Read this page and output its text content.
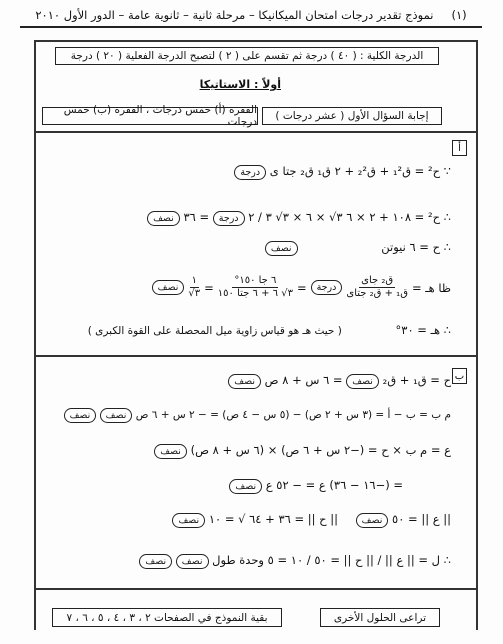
(١)
نموذج تقدير درجات امتحان الميكانيكا – مرحلة ثانية – ثانوية عامة – الدور الأول ٢٠١٠
الدرجة الكلية : ( ٤٠ ) درجة ثم تقسم على ( ٢ ) لتصبح الدرجة الفعلية ( ٢٠ ) درجة
أولاً : الاستاتيكا
إجابة السؤال الأول ( عشر درجات )
الفقرة (أ) خمس درجات ، الفقرة (ب) خمس درجات
أ
∵ ح² = ق₁² + ق₂² + ٢ ق₁ ق₂ جتا ى درجة
∴ ح² = ١٠٨ + ٢ × ٦ ٣√ × ٦ × ٣√ ٣ / ٢ درجة = ٣٦ نصف
∴ ح = ٦ نيوتن نصف
ظا هـ =
$\frac{\text{ق₂ جاى}}{\text{ق₁ + ق₂ جتاى}}$
درجة
=
$\frac{\text{٦ جا ١٥٠°}}{\text{٣√ ٦ + ٦ جتا ١٥٠}}$
=
$\frac{١}{٣√}$
نصف
∴ هـ = ٣٠° ( حيث هـ هو قياس زاوية ميل المحصلة على القوة الكبرى )
ب
ح = ق₁ + ق₂ نصف = ٦ س + ٨ ص نصف
م ب = ب − أ = (٣ س + ٢ ص) − (٥ س − ٤ ص) = − ٢ س + ٦ ص نصف نصف
ع = م ب × ح = (−٢ س + ٦ ص) × (٦ س + ٨ ص) نصف
= (−١٦ − ٣٦) ع = − ٥٢ ع نصف
|| ع || = ٥٠ نصف || ح || = ٣٦ + ٦٤ √ = ١٠ نصف
∴ ل = || ع || / || ح || = ٥٠ / ١٠ = ٥ وحدة طول نصف نصف
بقية النموذج في الصفحات ٢ ، ٣ ، ٤ ، ٥ ، ٦ ، ٧	تراعى الحلول الأخرى
